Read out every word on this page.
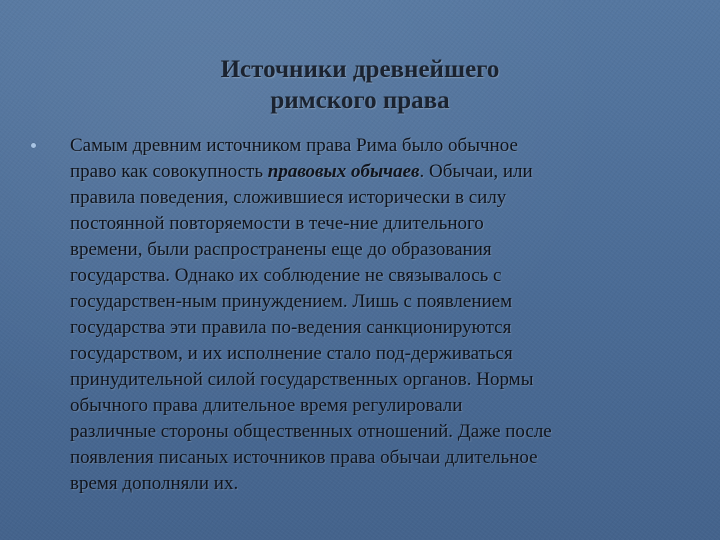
Источники древнейшего
римского права

Самым древним источником права Рима было обычное
право как совокупность правовых обычаев. Обычаи, или
правила поведения, сложившиеся исторически в силу
постоянной повторяемости в тече-ние длительного
времени, были распространены еще до образования
государства. Однако их соблюдение не связывалось с
государствен-ным принуждением. Лишь с появлением
государства эти правила по-ведения санкционируются
государством, и их исполнение стало под-держиваться
принудительной силой государственных органов. Нормы
обычного права длительное время регулировали
различные стороны общественных отношений. Даже после
появления писаных источников права обычаи длительное
время дополняли их.
